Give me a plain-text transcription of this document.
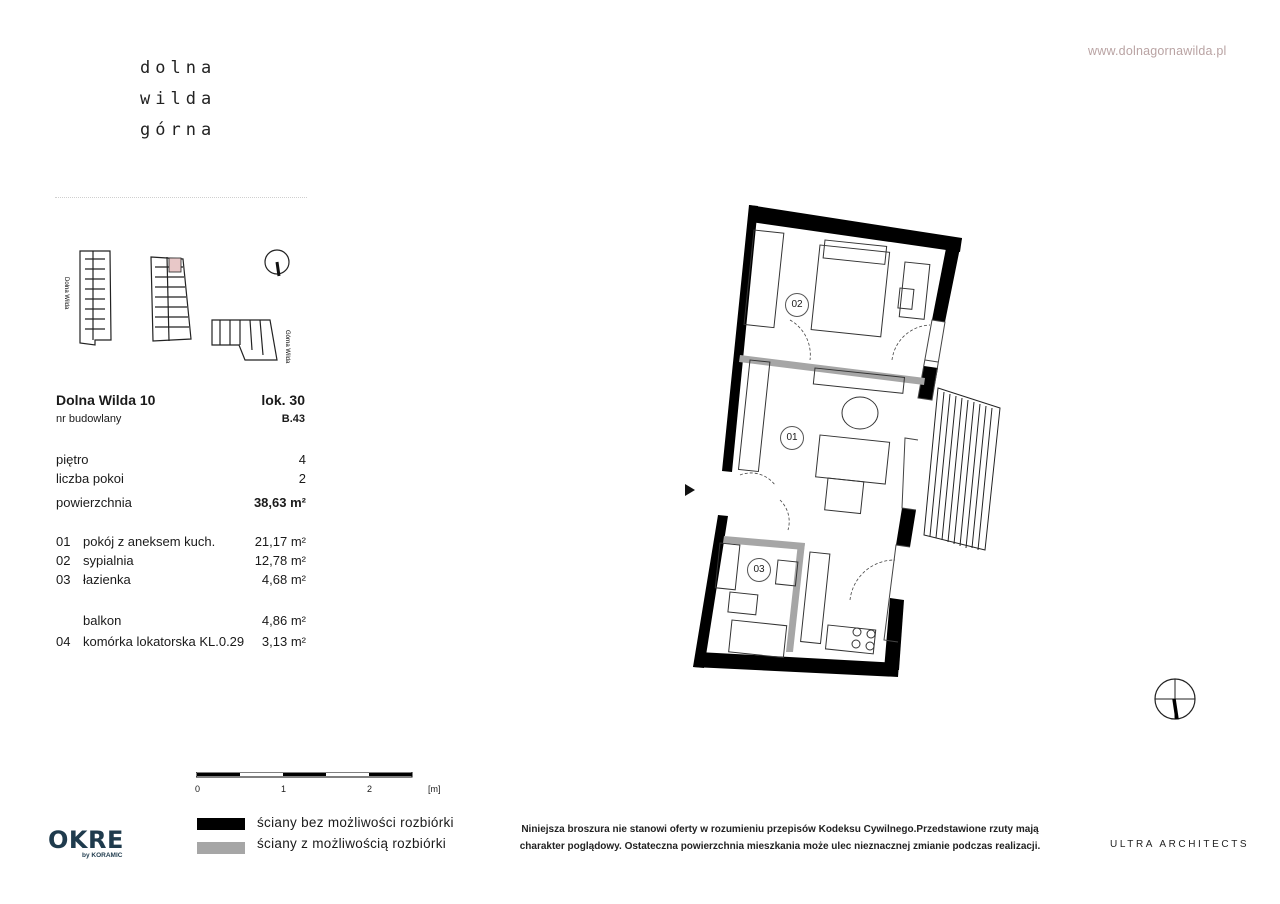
dolna
wilda
górna
www.dolnagornawilda.pl
Dolna Wilda
Górna Wilda
Dolna Wilda 10	lok. 30
nr budowlany	B.43
piętro	4
liczba pokoi	2
powierzchnia	38,63 m²
01 pokój z aneksem kuch.	21,17 m²
02 sypialnia	12,78 m²
03 łazienka	4,68 m²
balkon	4,86 m²
04 komórka lokatorska KL.0.29 3,13 m²
02
01
03
0	1	2	[m]
ściany bez możliwości rozbiórki
ściany z możliwością rozbiórki
Niniejsza broszura nie stanowi oferty w rozumieniu przepisów Kodeksu Cywilnego.Przedstawione rzuty mają
charakter poglądowy. Ostateczna powierzchnia mieszkania może ulec nieznacznej zmianie podczas realizacji.
OKRE
by KORAMIC
ULTRA ARCHITECTS
